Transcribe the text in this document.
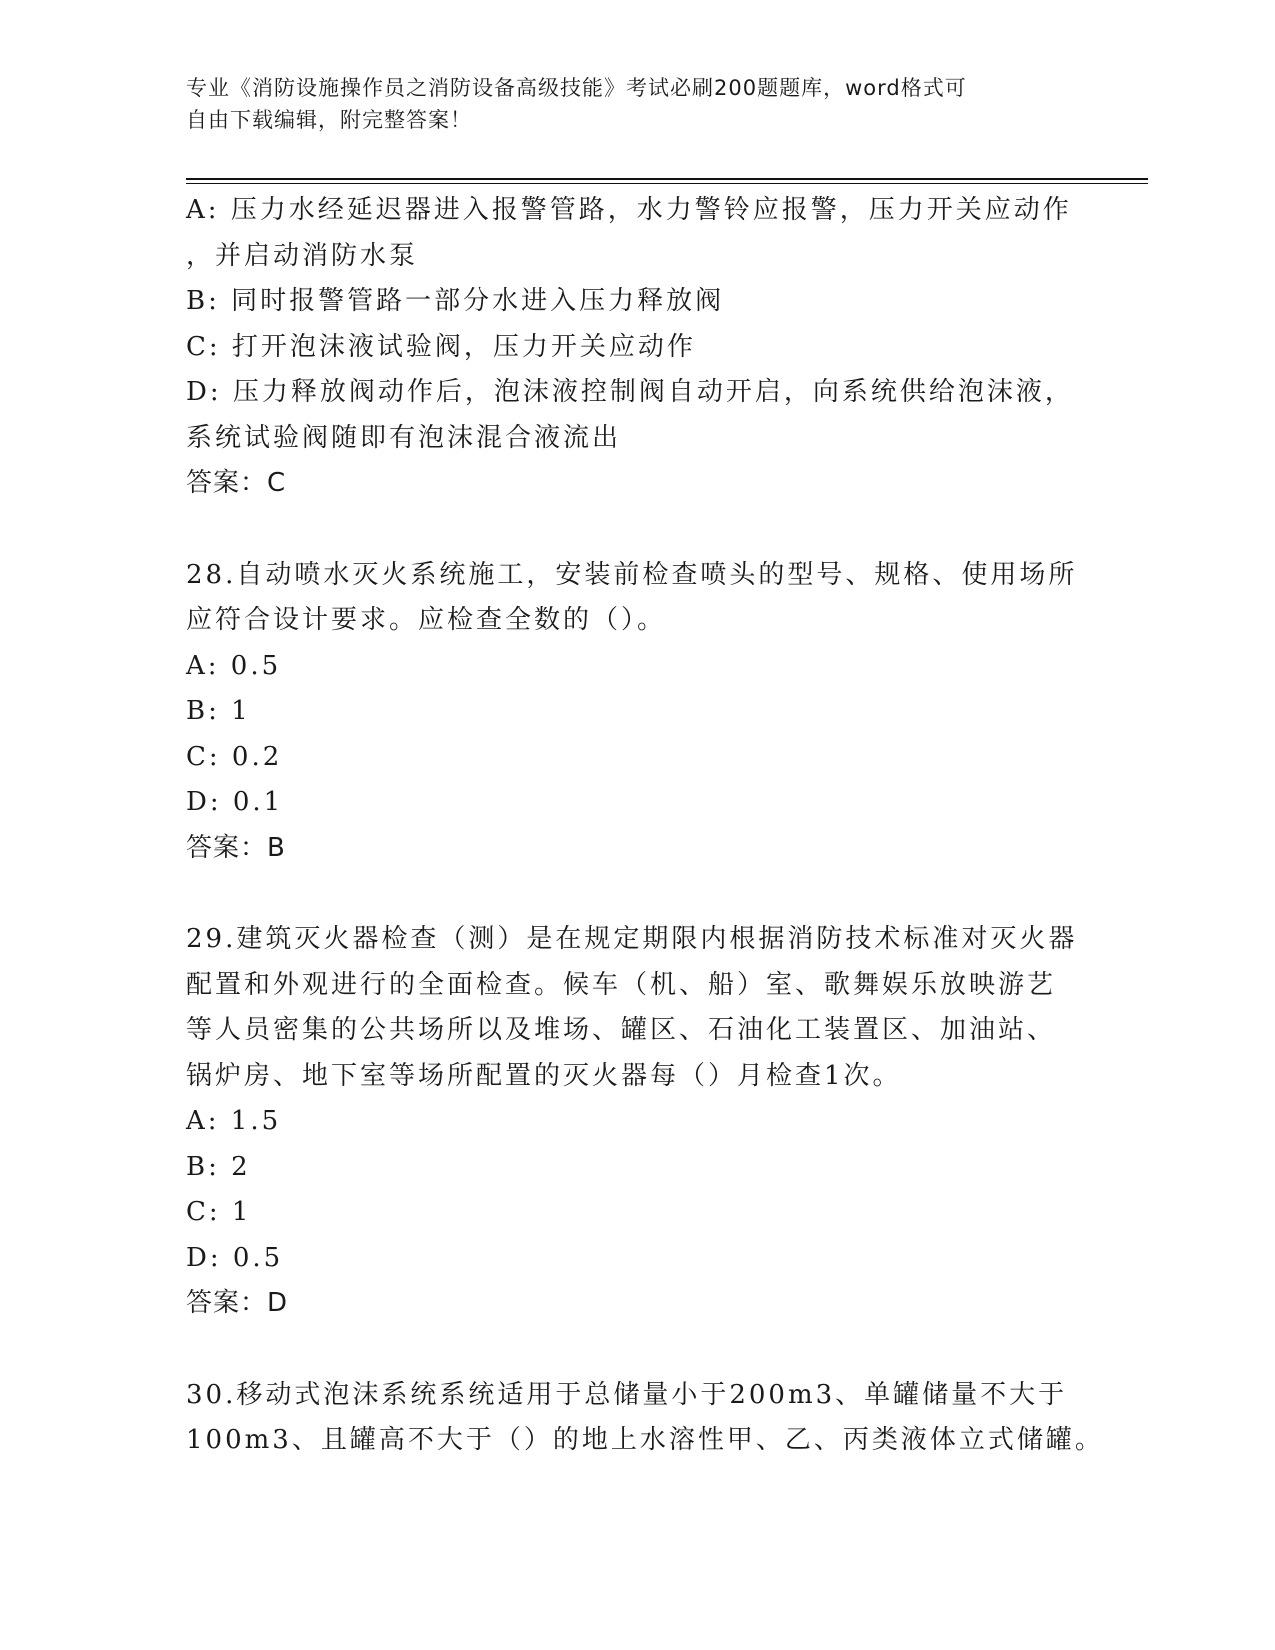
专业《消防设施操作员之消防设备高级技能》考试必刷200题题库，word格式可
自由下载编辑，附完整答案！
A: 压力水经延迟器进入报警管路，水力警铃应报警，压力开关应动作
，并启动消防水泵
B: 同时报警管路一部分水进入压力释放阀
C: 打开泡沫液试验阀，压力开关应动作
D: 压力释放阀动作后，泡沫液控制阀自动开启，向系统供给泡沫液，
系统试验阀随即有泡沫混合液流出
答案：C
28.自动喷水灭火系统施工，安装前检查喷头的型号、规格、使用场所
应符合设计要求。应检查全数的（）。
A: 0.5
B: 1
C: 0.2
D: 0.1
答案：B
29.建筑灭火器检查（测）是在规定期限内根据消防技术标准对灭火器
配置和外观进行的全面检查。候车（机、船）室、歌舞娱乐放映游艺
等人员密集的公共场所以及堆场、罐区、石油化工装置区、加油站、
锅炉房、地下室等场所配置的灭火器每（）月检查1次。
A: 1.5
B: 2
C: 1
D: 0.5
答案：D
30.移动式泡沫系统系统适用于总储量小于200m3、单罐储量不大于
100m3、且罐高不大于（）的地上水溶性甲、乙、丙类液体立式储罐。
